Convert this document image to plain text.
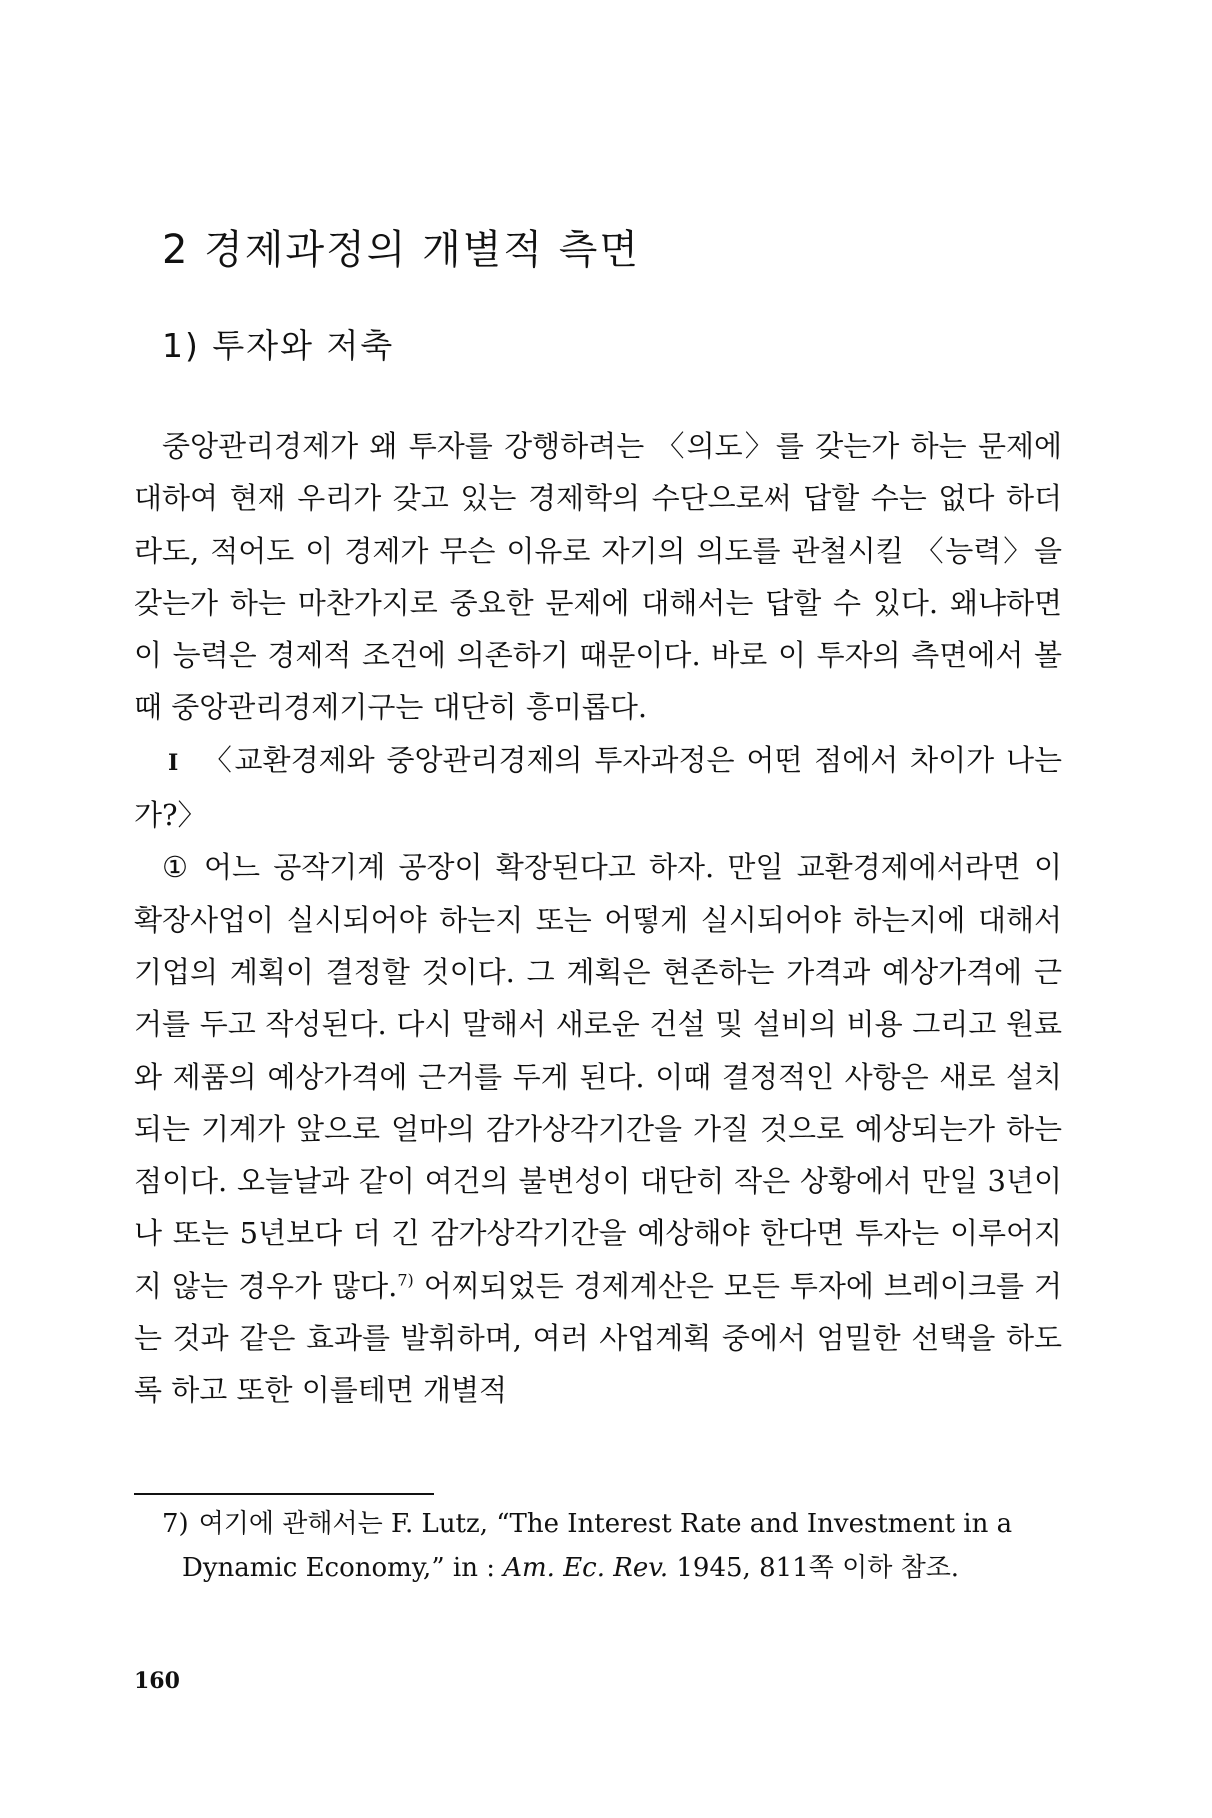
2 경제과정의 개별적 측면
1) 투자와 저축

중앙관리경제가 왜 투자를 강행하려는 〈의도〉를 갖는가 하는 문제에 대하여 현재 우리가 갖고 있는 경제학의 수단으로써 답할 수는 없다 하더라도, 적어도 이 경제가 무슨 이유로 자기의 의도를 관철시킬 〈능력〉을 갖는가 하는 마찬가지로 중요한 문제에 대해서는 답할 수 있다. 왜냐하면 이 능력은 경제적 조건에 의존하기 때문이다. 바로 이 투자의 측면에서 볼 때 중앙관리경제기구는 대단히 흥미롭다.

I 〈교환경제와 중앙관리경제의 투자과정은 어떤 점에서 차이가 나는가?〉

① 어느 공작기계 공장이 확장된다고 하자. 만일 교환경제에서라면 이 확장사업이 실시되어야 하는지 또는 어떻게 실시되어야 하는지에 대해서 기업의 계획이 결정할 것이다. 그 계획은 현존하는 가격과 예상가격에 근거를 두고 작성된다. 다시 말해서 새로운 건설 및 설비의 비용 그리고 원료와 제품의 예상가격에 근거를 두게 된다. 이때 결정적인 사항은 새로 설치되는 기계가 앞으로 얼마의 감가상각기간을 가질 것으로 예상되는가 하는 점이다. 오늘날과 같이 여건의 불변성이 대단히 작은 상황에서 만일 3년이나 또는 5년보다 더 긴 감가상각기간을 예상해야 한다면 투자는 이루어지지 않는 경우가 많다.$^{7)}$ 어찌되었든 경제계산은 모든 투자에 브레이크를 거는 것과 같은 효과를 발휘하며, 여러 사업계획 중에서 엄밀한 선택을 하도록 하고 또한 이를테면 개별적

7) 여기에 관해서는 F. Lutz, “The Interest Rate and Investment in a
Dynamic Economy,” in : Am. Ec. Rev. 1945, 811쪽 이하 참조.

160
